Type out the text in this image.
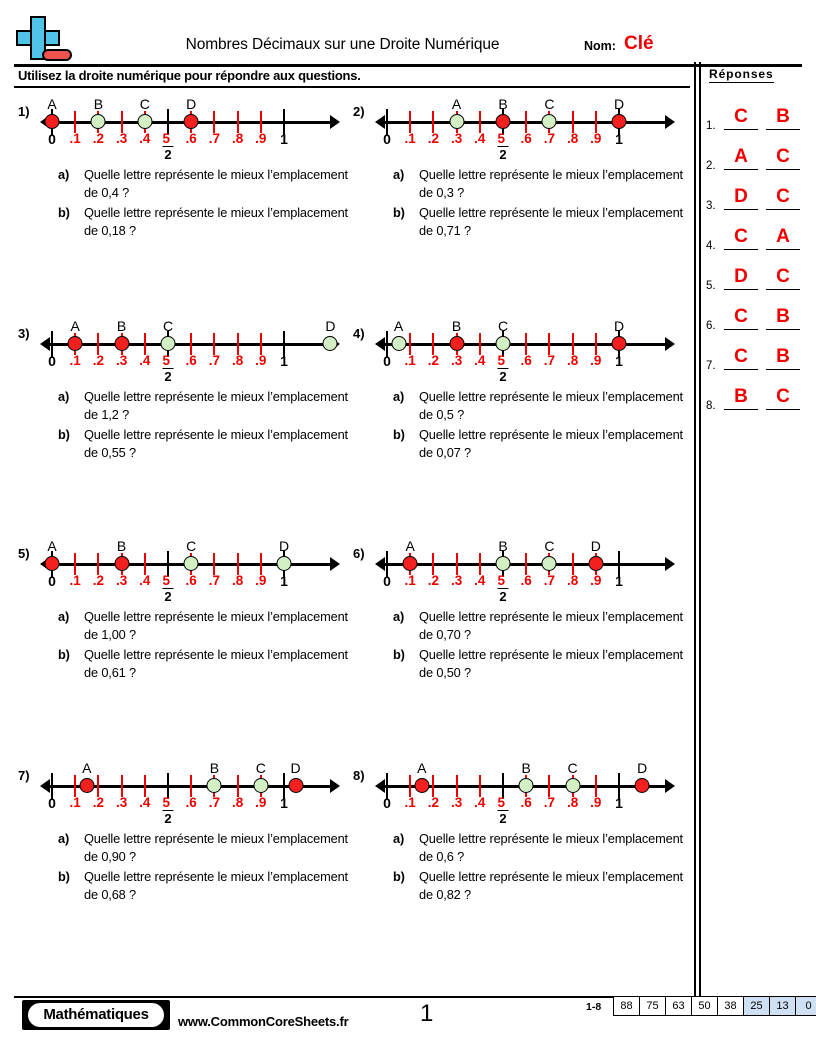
Nombres Décimaux sur une Droite Numérique	Nom: Clé
Utilisez la droite numérique pour répondre aux questions.	Réponses
1. C	B
2. A	C
3. D	C
4. C	A
5. D	C
6. C	B
7. C	B
8. B	C
1)
0	1
.1 .2 .3 .4	.6 .7 .8 .9
$\frac{5}{2}$
A	B	C	D
a) Quelle lettre représente le mieux l’emplacement de 0,4 ?
b) Quelle lettre représente le mieux l’emplacement de 0,18 ?
2)
0	1
.1 .2 .3 .4	.6 .7 .8 .9
$\frac{5}{2}$
A	B	C	D
a) Quelle lettre représente le mieux l’emplacement de 0,3 ?
b) Quelle lettre représente le mieux l’emplacement de 0,71 ?
3)
0	1
.1 .2 .3 .4	.6 .7 .8 .9
$\frac{5}{2}$
A	B	C	D
a) Quelle lettre représente le mieux l’emplacement de 1,2 ?
b) Quelle lettre représente le mieux l’emplacement de 0,55 ?
4)
0	1
.1 .2 .3 .4	.6 .7 .8 .9
$\frac{5}{2}$
A	B	C	D
a) Quelle lettre représente le mieux l’emplacement de 0,5 ?
b) Quelle lettre représente le mieux l’emplacement de 0,07 ?
5)
0	1
.1 .2 .3 .4	.6 .7 .8 .9
$\frac{5}{2}$
A	B	C	D
a) Quelle lettre représente le mieux l’emplacement de 1,00 ?
b) Quelle lettre représente le mieux l’emplacement de 0,61 ?
6)
0	1
.1 .2 .3 .4	.6 .7 .8 .9
$\frac{5}{2}$
A	B	C	D
a) Quelle lettre représente le mieux l’emplacement de 0,70 ?
b) Quelle lettre représente le mieux l’emplacement de 0,50 ?
7)
0	1
.1 .2 .3 .4	.6 .7 .8 .9
$\frac{5}{2}$
A	B	C D
a) Quelle lettre représente le mieux l’emplacement de 0,90 ?
b) Quelle lettre représente le mieux l’emplacement de 0,68 ?
8)
0	1
.1 .2 .3 .4	.6 .7 .8 .9
$\frac{5}{2}$
A	B	C	D
a) Quelle lettre représente le mieux l’emplacement de 0,6 ?
b) Quelle lettre représente le mieux l’emplacement de 0,82 ?
Mathématiques	www.CommonCoreSheets.fr	1	1-8	88	75	63	50	38	25	13	0
